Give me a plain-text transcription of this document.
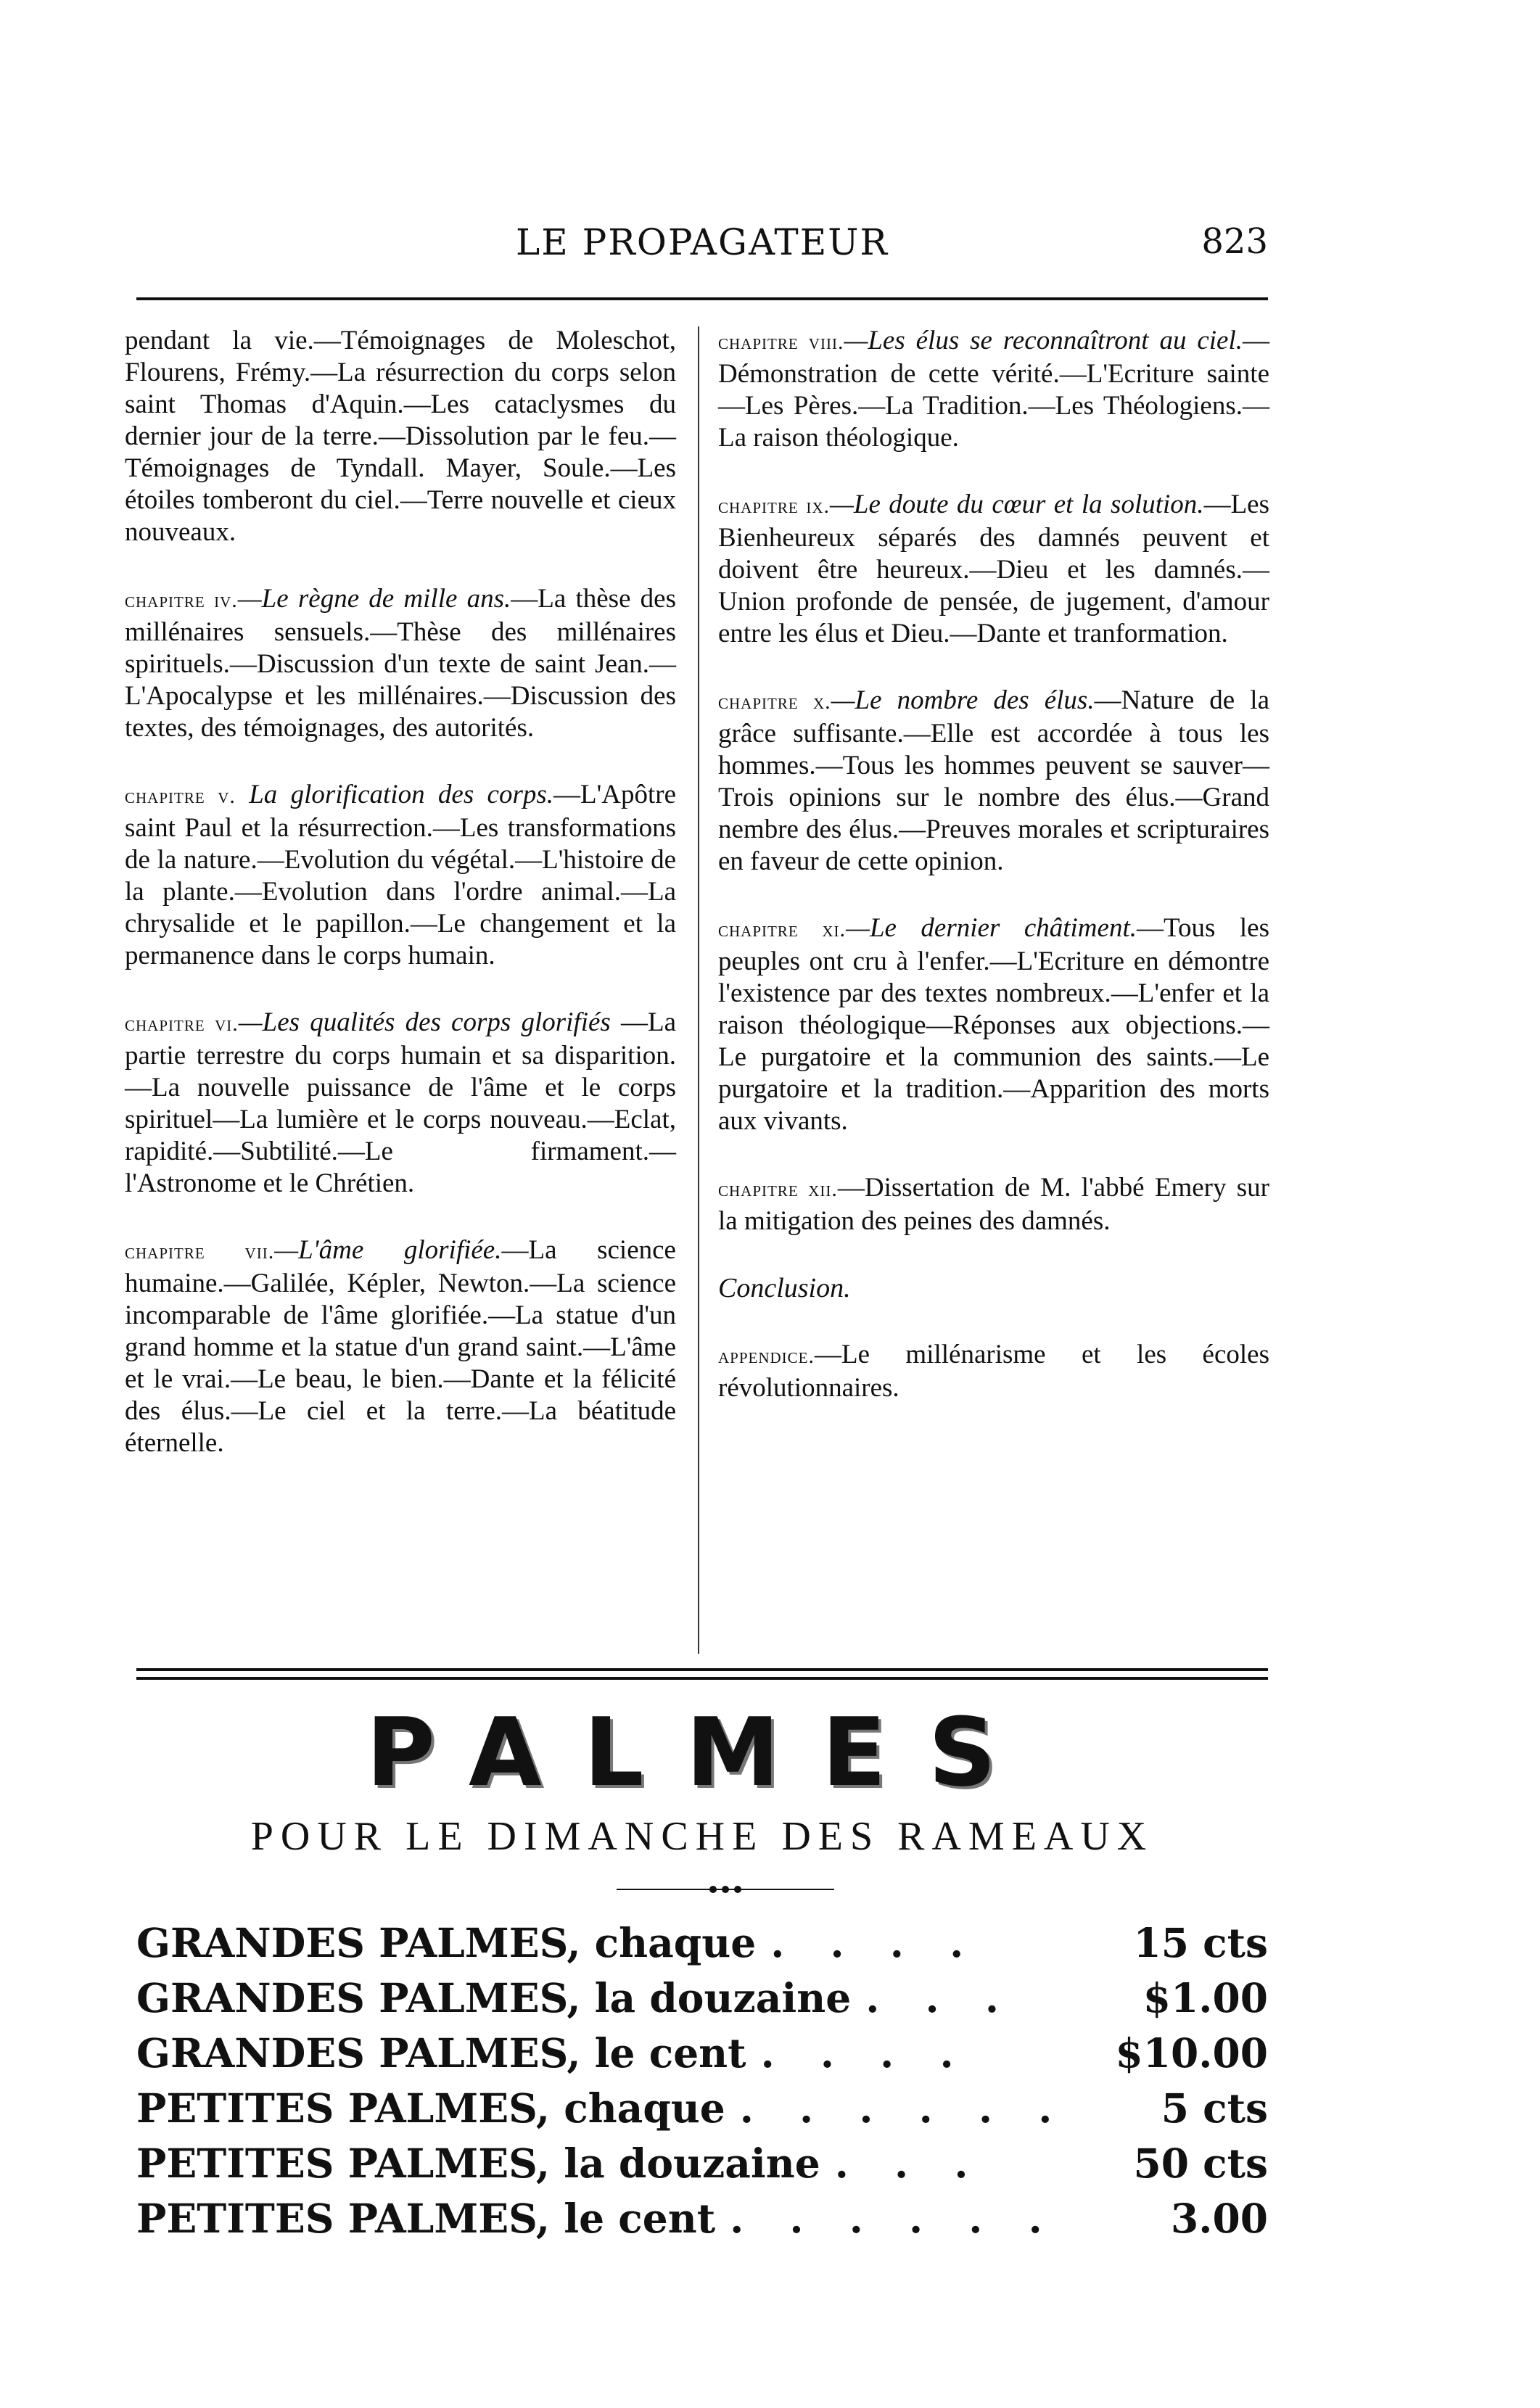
LE PROPAGATEUR	823

pendant la vie.—Témoignages de Moleschot, Flourens, Frémy.—La résurrection du corps selon saint Thomas d'Aquin.—Les cataclysmes du dernier jour de la terre.—Dissolution par le feu.—Témoignages de Tyndall. Mayer, Soule.—Les étoiles tomberont du ciel.—Terre nouvelle et cieux nouveaux.

chapitre iv.—Le règne de mille ans.—La thèse des millénaires sensuels.—Thèse des millénaires spirituels.—Discussion d'un texte de saint Jean.—L'Apocalypse et les millénaires.—Discussion des textes, des témoignages, des autorités.

chapitre v. La glorification des corps.—L'Apôtre saint Paul et la résurrection.—Les transformations de la nature.—Evolution du végétal.—L'histoire de la plante.—Evolution dans l'ordre animal.—La chrysalide et le papillon.—Le changement et la permanence dans le corps humain.

chapitre vi.—Les qualités des corps glorifiés —La partie terrestre du corps humain et sa disparition.—La nouvelle puissance de l'âme et le corps spirituel—La lumière et le corps nouveau.—Eclat, rapidité.—Subtilité.—Le firmament.—l'Astronome et le Chrétien.

chapitre vii.—L'âme glorifiée.—La science humaine.—Galilée, Képler, Newton.—La science incomparable de l'âme glorifiée.—La statue d'un grand homme et la statue d'un grand saint.—L'âme et le vrai.—Le beau, le bien.—Dante et la félicité des élus.—Le ciel et la terre.—La béatitude éternelle.

chapitre viii.—Les élus se reconnaîtront au ciel.—Démonstration de cette vérité.—L'Ecriture sainte—Les Pères.—La Tradition.—Les Théologiens.—La raison théologique.

chapitre ix.—Le doute du cœur et la solution.—Les Bienheureux séparés des damnés peuvent et doivent être heureux.—Dieu et les damnés.—Union profonde de pensée, de jugement, d'amour entre les élus et Dieu.—Dante et tranformation.

chapitre x.—Le nombre des élus.—Nature de la grâce suffisante.—Elle est accordée à tous les hommes.—Tous les hommes peuvent se sauver—Trois opinions sur le nombre des élus.—Grand nembre des élus.—Preuves morales et scripturaires en faveur de cette opinion.

chapitre xi.—Le dernier châtiment.—Tous les peuples ont cru à l'enfer.—L'Ecriture en démontre l'existence par des textes nombreux.—L'enfer et la raison théologique—Réponses aux objections.—Le purgatoire et la communion des saints.—Le purgatoire et la tradition.—Apparition des morts aux vivants.

chapitre xii.—Dissertation de M. l'abbé Emery sur la mitigation des peines des damnés.

Conclusion.

appendice.—Le millénarisme et les écoles révolutionnaires.

PALMES
POUR LE DIMANCHE DES RAMEAUX
GRANDES PALMES, chaque . . . .	15 cts
GRANDES PALMES, la douzaine . . .	$1.00
GRANDES PALMES, le cent . . . .	$10.00
PETITES PALMES, chaque . . . . . .	5 cts
PETITES PALMES, la douzaine . . .	50 cts
PETITES PALMES, le cent . . . . . .	3.00
